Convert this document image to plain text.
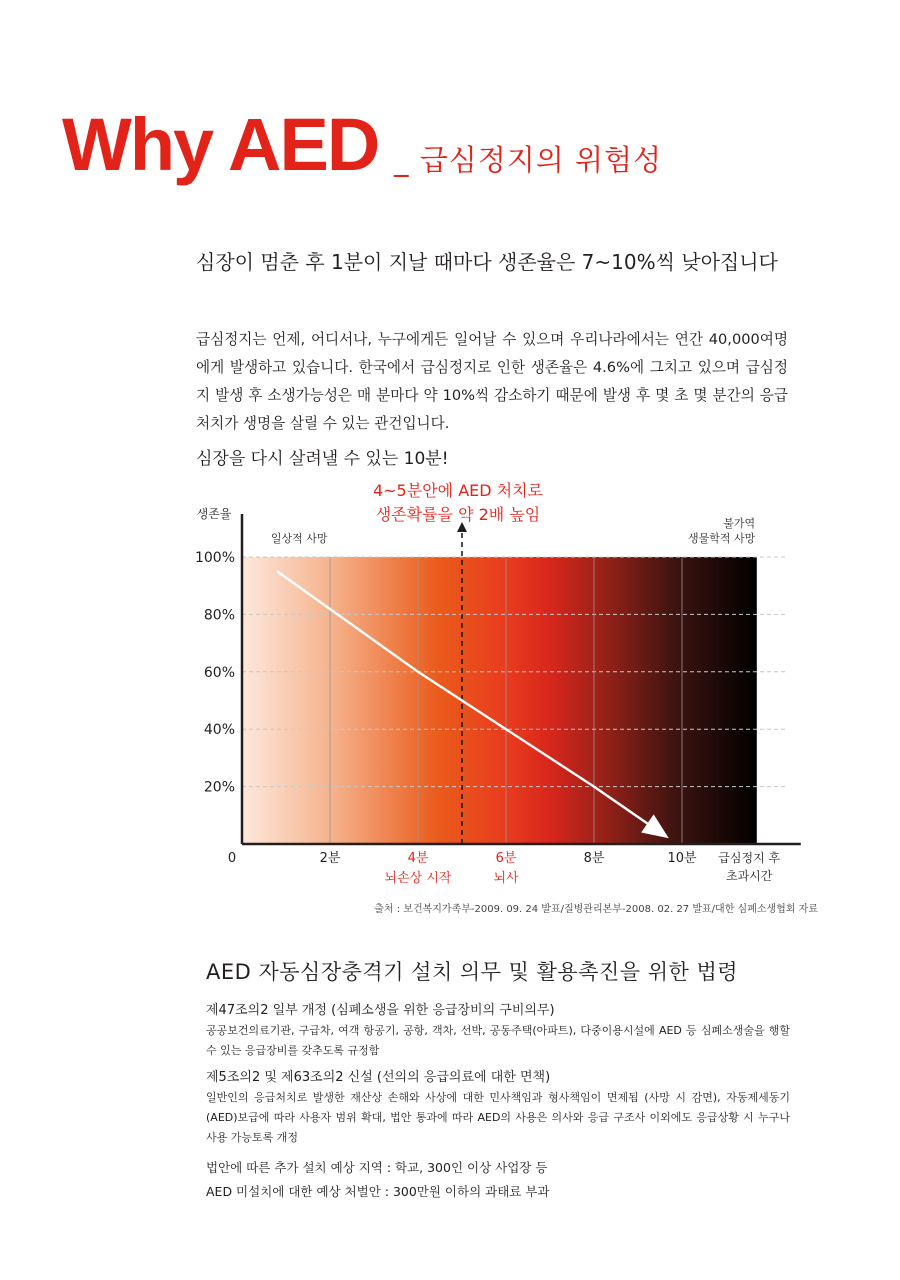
Why AED _ 급심정지의 위험성
심장이 멈춘 후 1분이 지날 때마다 생존율은 7~10%씩 낮아집니다
급심정지는 언제, 어디서나, 누구에게든 일어날 수 있으며 우리나라에서는 연간 40,000여명에게 발생하고 있습니다. 한국에서 급심정지로 인한 생존율은 4.6%에 그치고 있으며 급심정지 발생 후 소생가능성은 매 분마다 약 10%씩 감소하기 때문에 발생 후 몇 초 몇 분간의 응급 처치가 생명을 살릴 수 있는 관건입니다.
심장을 다시 살려낼 수 있는 10분!
20%
40%
60%
80%
100%
생존율
0	2분	4분
뇌손상 시작
6분
뇌사
8분	10분 급심정지 후
초과시간
일상적 사망
불가역
생물학적 사망
4~5분안에 AED 처치로
생존확률을 약 2배 높임
출처 : 보건복지가족부-2009. 09. 24 발표/질병관리본부-2008. 02. 27 발표/대한 심폐소생협회 자료
AED 자동심장충격기 설치 의무 및 활용촉진을 위한 법령
제47조의2 일부 개정 (심폐소생을 위한 응급장비의 구비의무)
공공보건의료기관, 구급차, 여객 항공기, 공항, 객차, 선박, 공동주택(아파트), 다중이용시설에 AED 등 심폐소생술을 행할 수 있는 응급장비를 갖추도록 규정함
제5조의2 및 제63조의2 신설 (선의의 응급의료에 대한 면책)
일반인의 응급처치로 발생한 재산상 손해와 사상에 대한 민사책임과 형사책임이 면제됨 (사망 시 감면), 자동제세동기 (AED)보급에 따라 사용자 범위 확대, 법안 통과에 따라 AED의 사용은 의사와 응급 구조사 이외에도 응급상황 시 누구나 사용 가능토록 개정
법안에 따른 추가 설치 예상 지역 : 학교, 300인 이상 사업장 등
AED 미설치에 대한 예상 처벌안 : 300만원 이하의 과태료 부과
